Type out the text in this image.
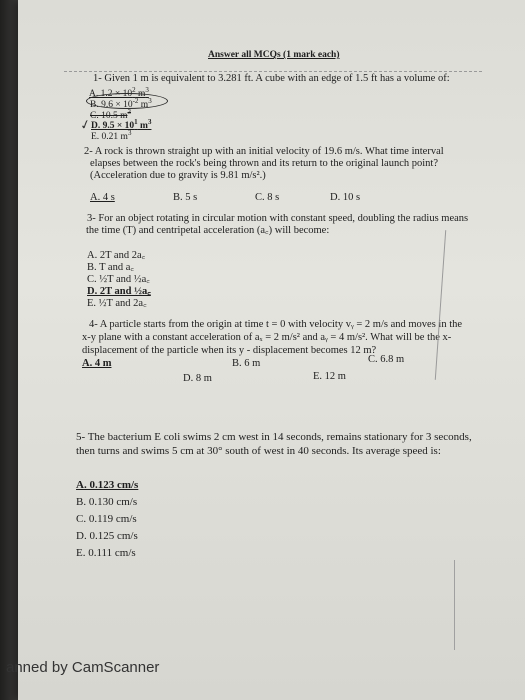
Answer all MCQs (1 mark each)
1- Given 1 m is equivalent to 3.281 ft. A cube with an edge of 1.5 ft has a volume of:
A. $1.2 \times 10^2$ $m^3$
B. $9.6 \times 10^{-2}$ $m^3$
C. 10.5 $m^3$
D. $9.5 \times 10^1$ $m^3$
✓
E. 0.21 $m^3$
2- A rock is thrown straight up with an initial velocity of 19.6 m/s. What time interval
elapses between the rock's being thrown and its return to the original launch point?
(Acceleration due to gravity is 9.81 m/s².)
A. 4 s	B. 5 s	C. 8 s	D. 10 s
3- For an object rotating in circular motion with constant speed, doubling the radius means
the time (T) and centripetal acceleration (a꜀) will become:
A. 2T and 2a꜀
B. T and a꜀
C. ½T and ½a꜀
D. 2T and ½a꜀
E. ½T and 2a꜀
4- A particle starts from the origin at time t = 0 with velocity vᵧ = 2 m/s and moves in the
x-y plane with a constant acceleration of aₓ = 2 m/s² and aᵧ = 4 m/s². What will be the x-
displacement of the particle when its y - displacement becomes 12 m?
A. 4 m	B. 6 m	C. 6.8 m
D. 8 m	E. 12 m
5- The bacterium E coli swims 2 cm west in 14 seconds, remains stationary for 3 seconds,
then turns and swims 5 cm at 30° south of west in 40 seconds. Its average speed is:
A. 0.123 cm/s
B. 0.130 cm/s
C. 0.119 cm/s
D. 0.125 cm/s
E. 0.111 cm/s
anned by CamScanner
